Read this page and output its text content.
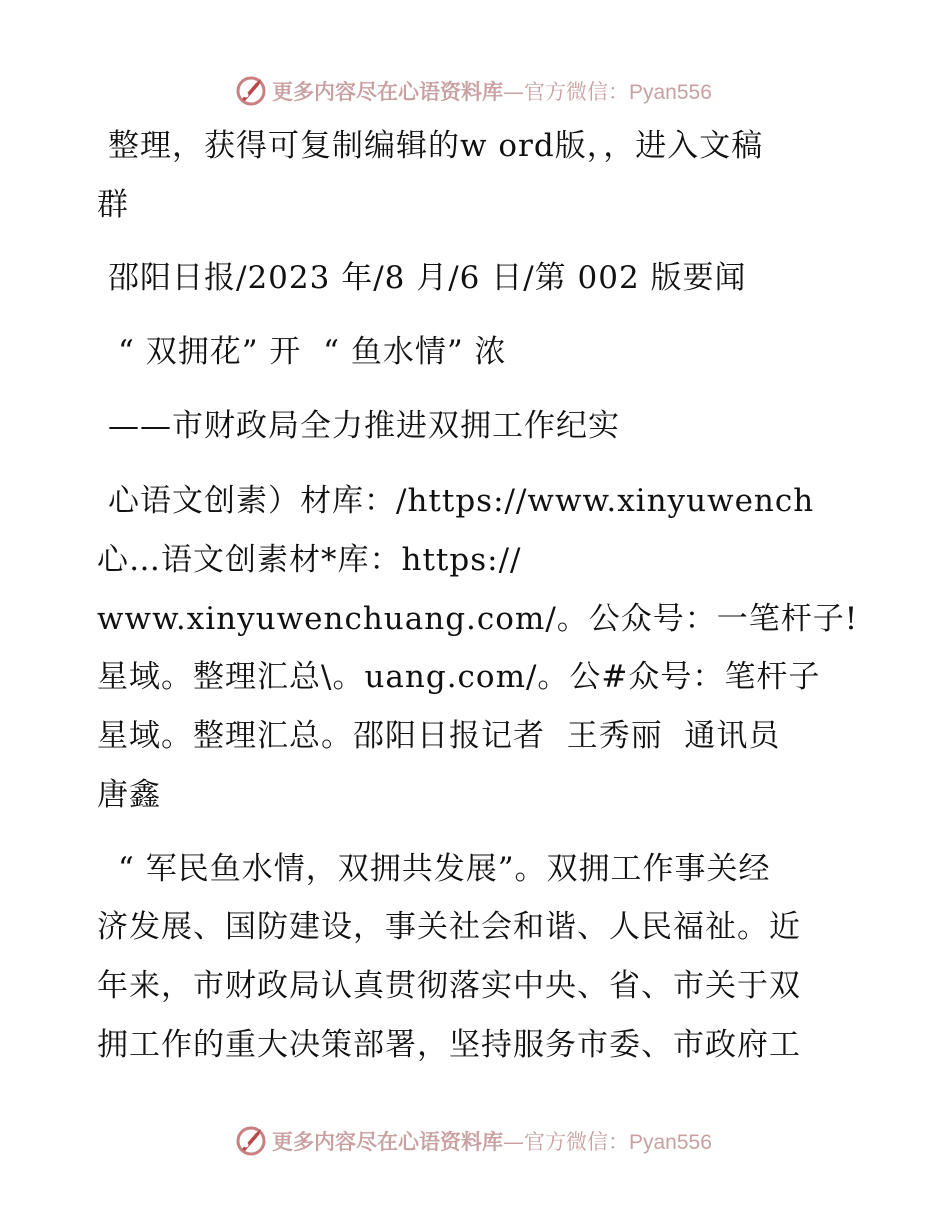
更多内容尽在心语资料库—官方微信：Pyan556
整理，获得可复制编辑的w ord版，，进入文稿
群
邵阳日报/2023 年/8 月/6 日/第 002 版要闻
“ 双拥花” 开  “ 鱼水情” 浓
——市财政局全力推进双拥工作纪实
心语文创素）材库：/https://www.xinyuwench
心…语文创素材*库：https://
www.xinyuwenchuang.com/。公众号：一笔杆子!
星域。整理汇总\。uang.com/。公#众号：笔杆子
星域。整理汇总。邵阳日报记者  王秀丽  通讯员
唐鑫
“ 军民鱼水情，双拥共发展”。双拥工作事关经
济发展、国防建设，事关社会和谐、人民福祉。近
年来，市财政局认真贯彻落实中央、省、市关于双
拥工作的重大决策部署，坚持服务市委、市政府工
更多内容尽在心语资料库—官方微信：Pyan556
